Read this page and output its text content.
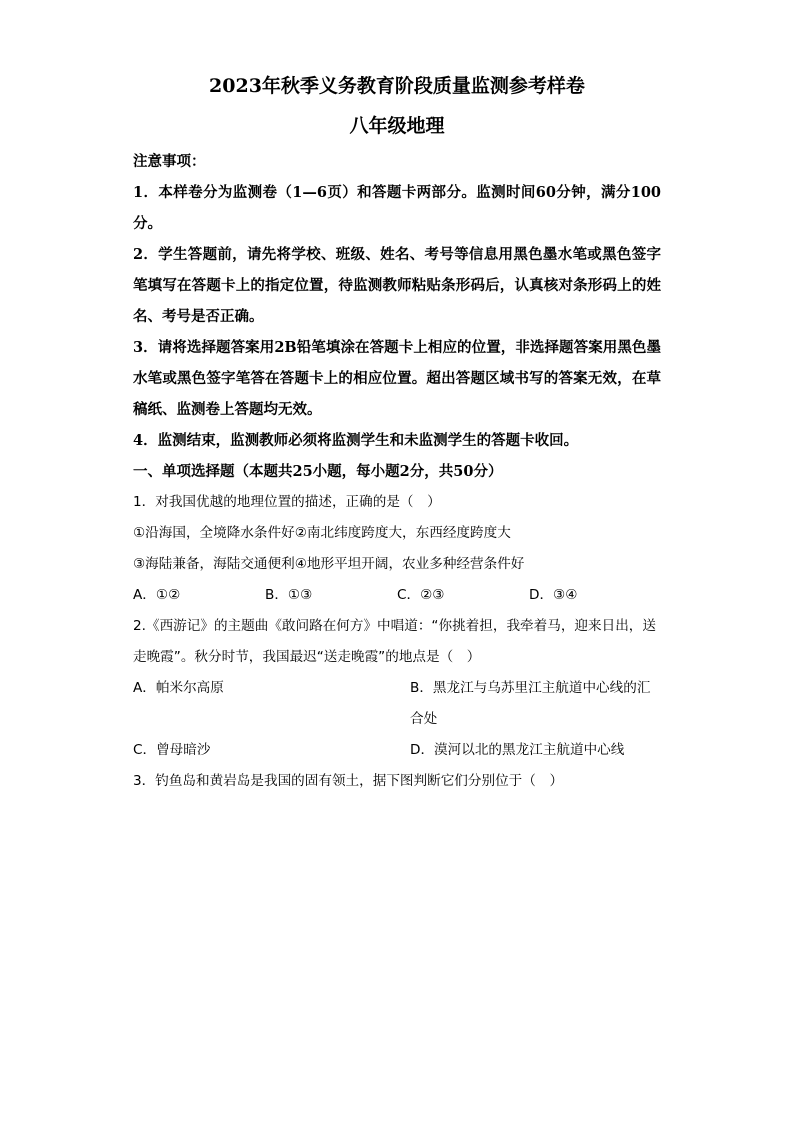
2023年秋季义务教育阶段质量监测参考样卷
八年级地理

注意事项：

1．本样卷分为监测卷（1—6页）和答题卡两部分。监测时间60分钟，满分100分。

2．学生答题前，请先将学校、班级、姓名、考号等信息用黑色墨水笔或黑色签字笔填写在答题卡上的指定位置，待监测教师粘贴条形码后，认真核对条形码上的姓名、考号是否正确。

3．请将选择题答案用2B铅笔填涂在答题卡上相应的位置，非选择题答案用黑色墨水笔或黑色签字笔答在答题卡上的相应位置。超出答题区域书写的答案无效，在草稿纸、监测卷上答题均无效。

4．监测结束，监测教师必须将监测学生和未监测学生的答题卡收回。

一、单项选择题（本题共25小题，每小题2分，共50分）

1．对我国优越的地理位置的描述，正确的是（　）

①沿海国，全境降水条件好②南北纬度跨度大，东西经度跨度大

③海陆兼备，海陆交通便利④地形平坦开阔，农业多种经营条件好

A．①②	B．①③	C．②③	D．③④

2.《西游记》的主题曲《敢问路在何方》中唱道：“你挑着担，我牵着马，迎来日出，送走晚霞”。秋分时节，我国最迟“送走晚霞”的地点是（　）

A．帕米尔高原	B．黑龙江与乌苏里江主航道中心线的汇合处
C．曾母暗沙	D．漠河以北的黑龙江主航道中心线

3．钓鱼岛和黄岩岛是我国的固有领土，据下图判断它们分别位于（　）
